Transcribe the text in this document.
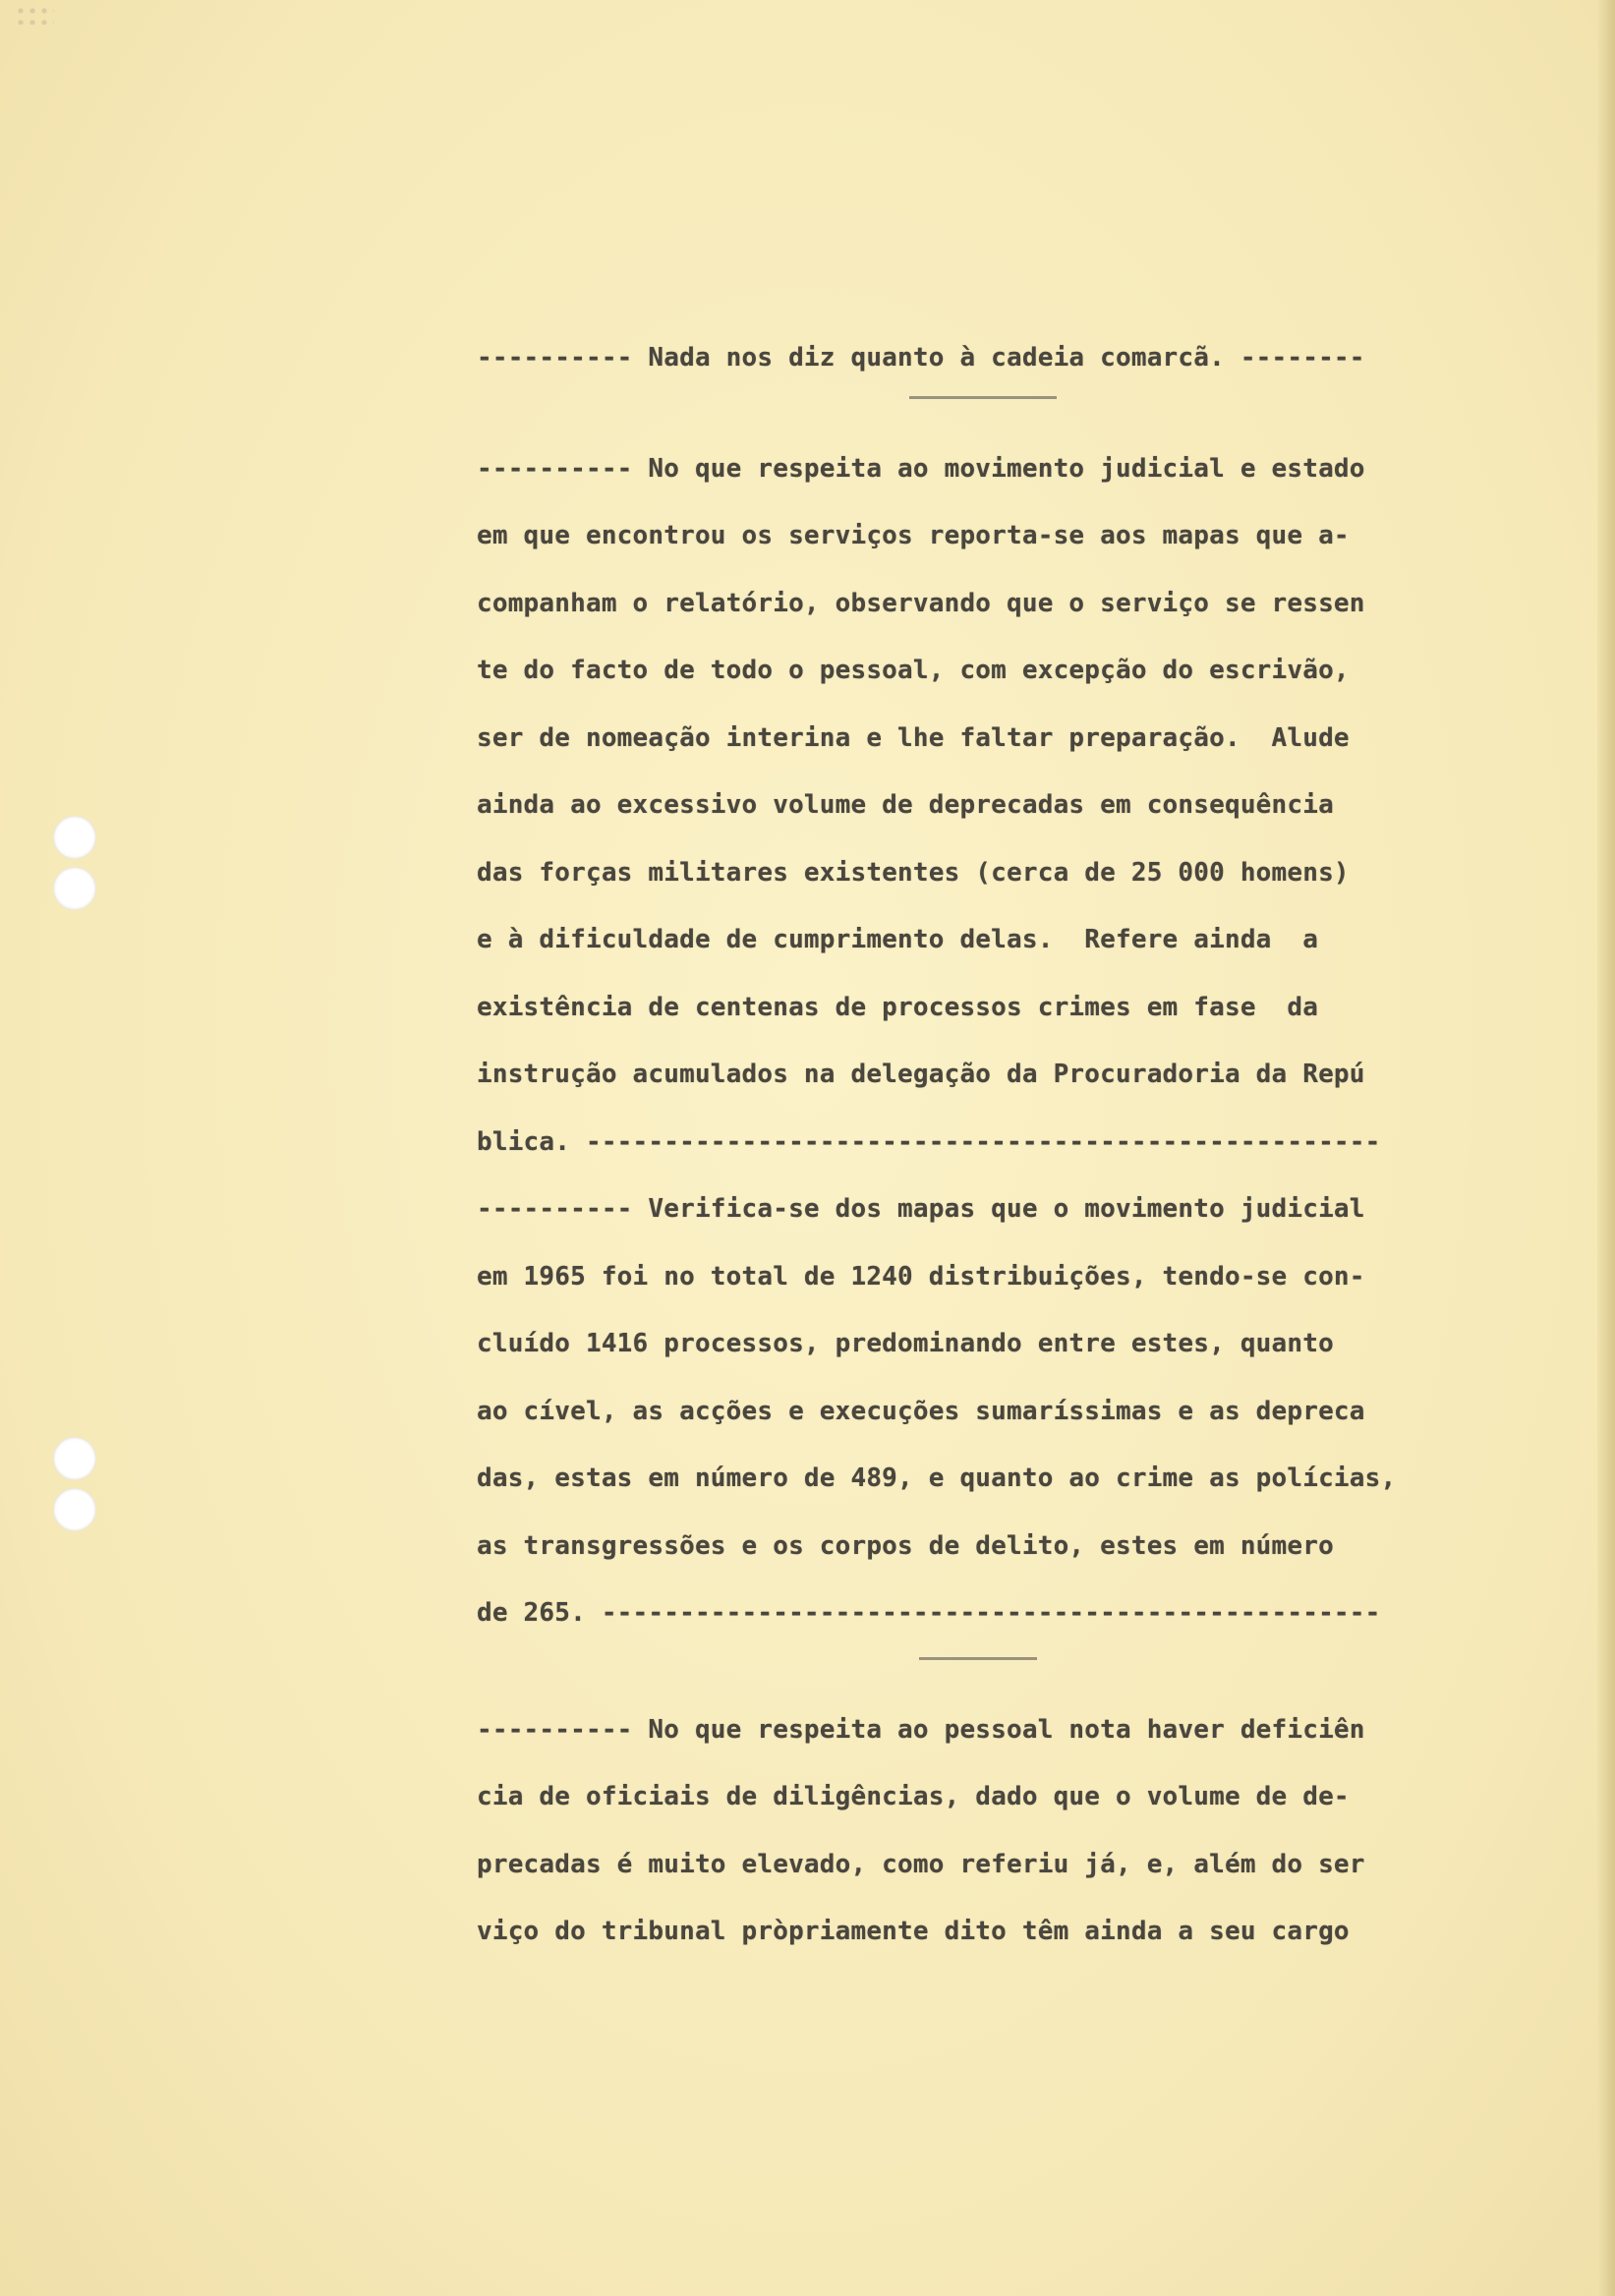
---------- Nada nos diz quanto à cadeia comarcã. --------
---------- No que respeita ao movimento judicial e estado
em que encontrou os serviços reporta-se aos mapas que a-
companham o relatório, observando que o serviço se ressen
te do facto de todo o pessoal, com excepção do escrivão,
ser de nomeação interina e lhe faltar preparação.  Alude
ainda ao excessivo volume de deprecadas em consequência
das forças militares existentes (cerca de 25 000 homens)
e à dificuldade de cumprimento delas.  Refere ainda  a
existência de centenas de processos crimes em fase  da
instrução acumulados na delegação da Procuradoria da Repú
blica. ---------------------------------------------------
---------- Verifica-se dos mapas que o movimento judicial
em 1965 foi no total de 1240 distribuições, tendo-se con-
cluído 1416 processos, predominando entre estes, quanto
ao cível, as acções e execuções sumaríssimas e as depreca
das, estas em número de 489, e quanto ao crime as polícias,
as transgressões e os corpos de delito, estes em número
de 265. --------------------------------------------------
---------- No que respeita ao pessoal nota haver deficiên
cia de oficiais de diligências, dado que o volume de de-
precadas é muito elevado, como referiu já, e, além do ser
viço do tribunal pròpriamente dito têm ainda a seu cargo
